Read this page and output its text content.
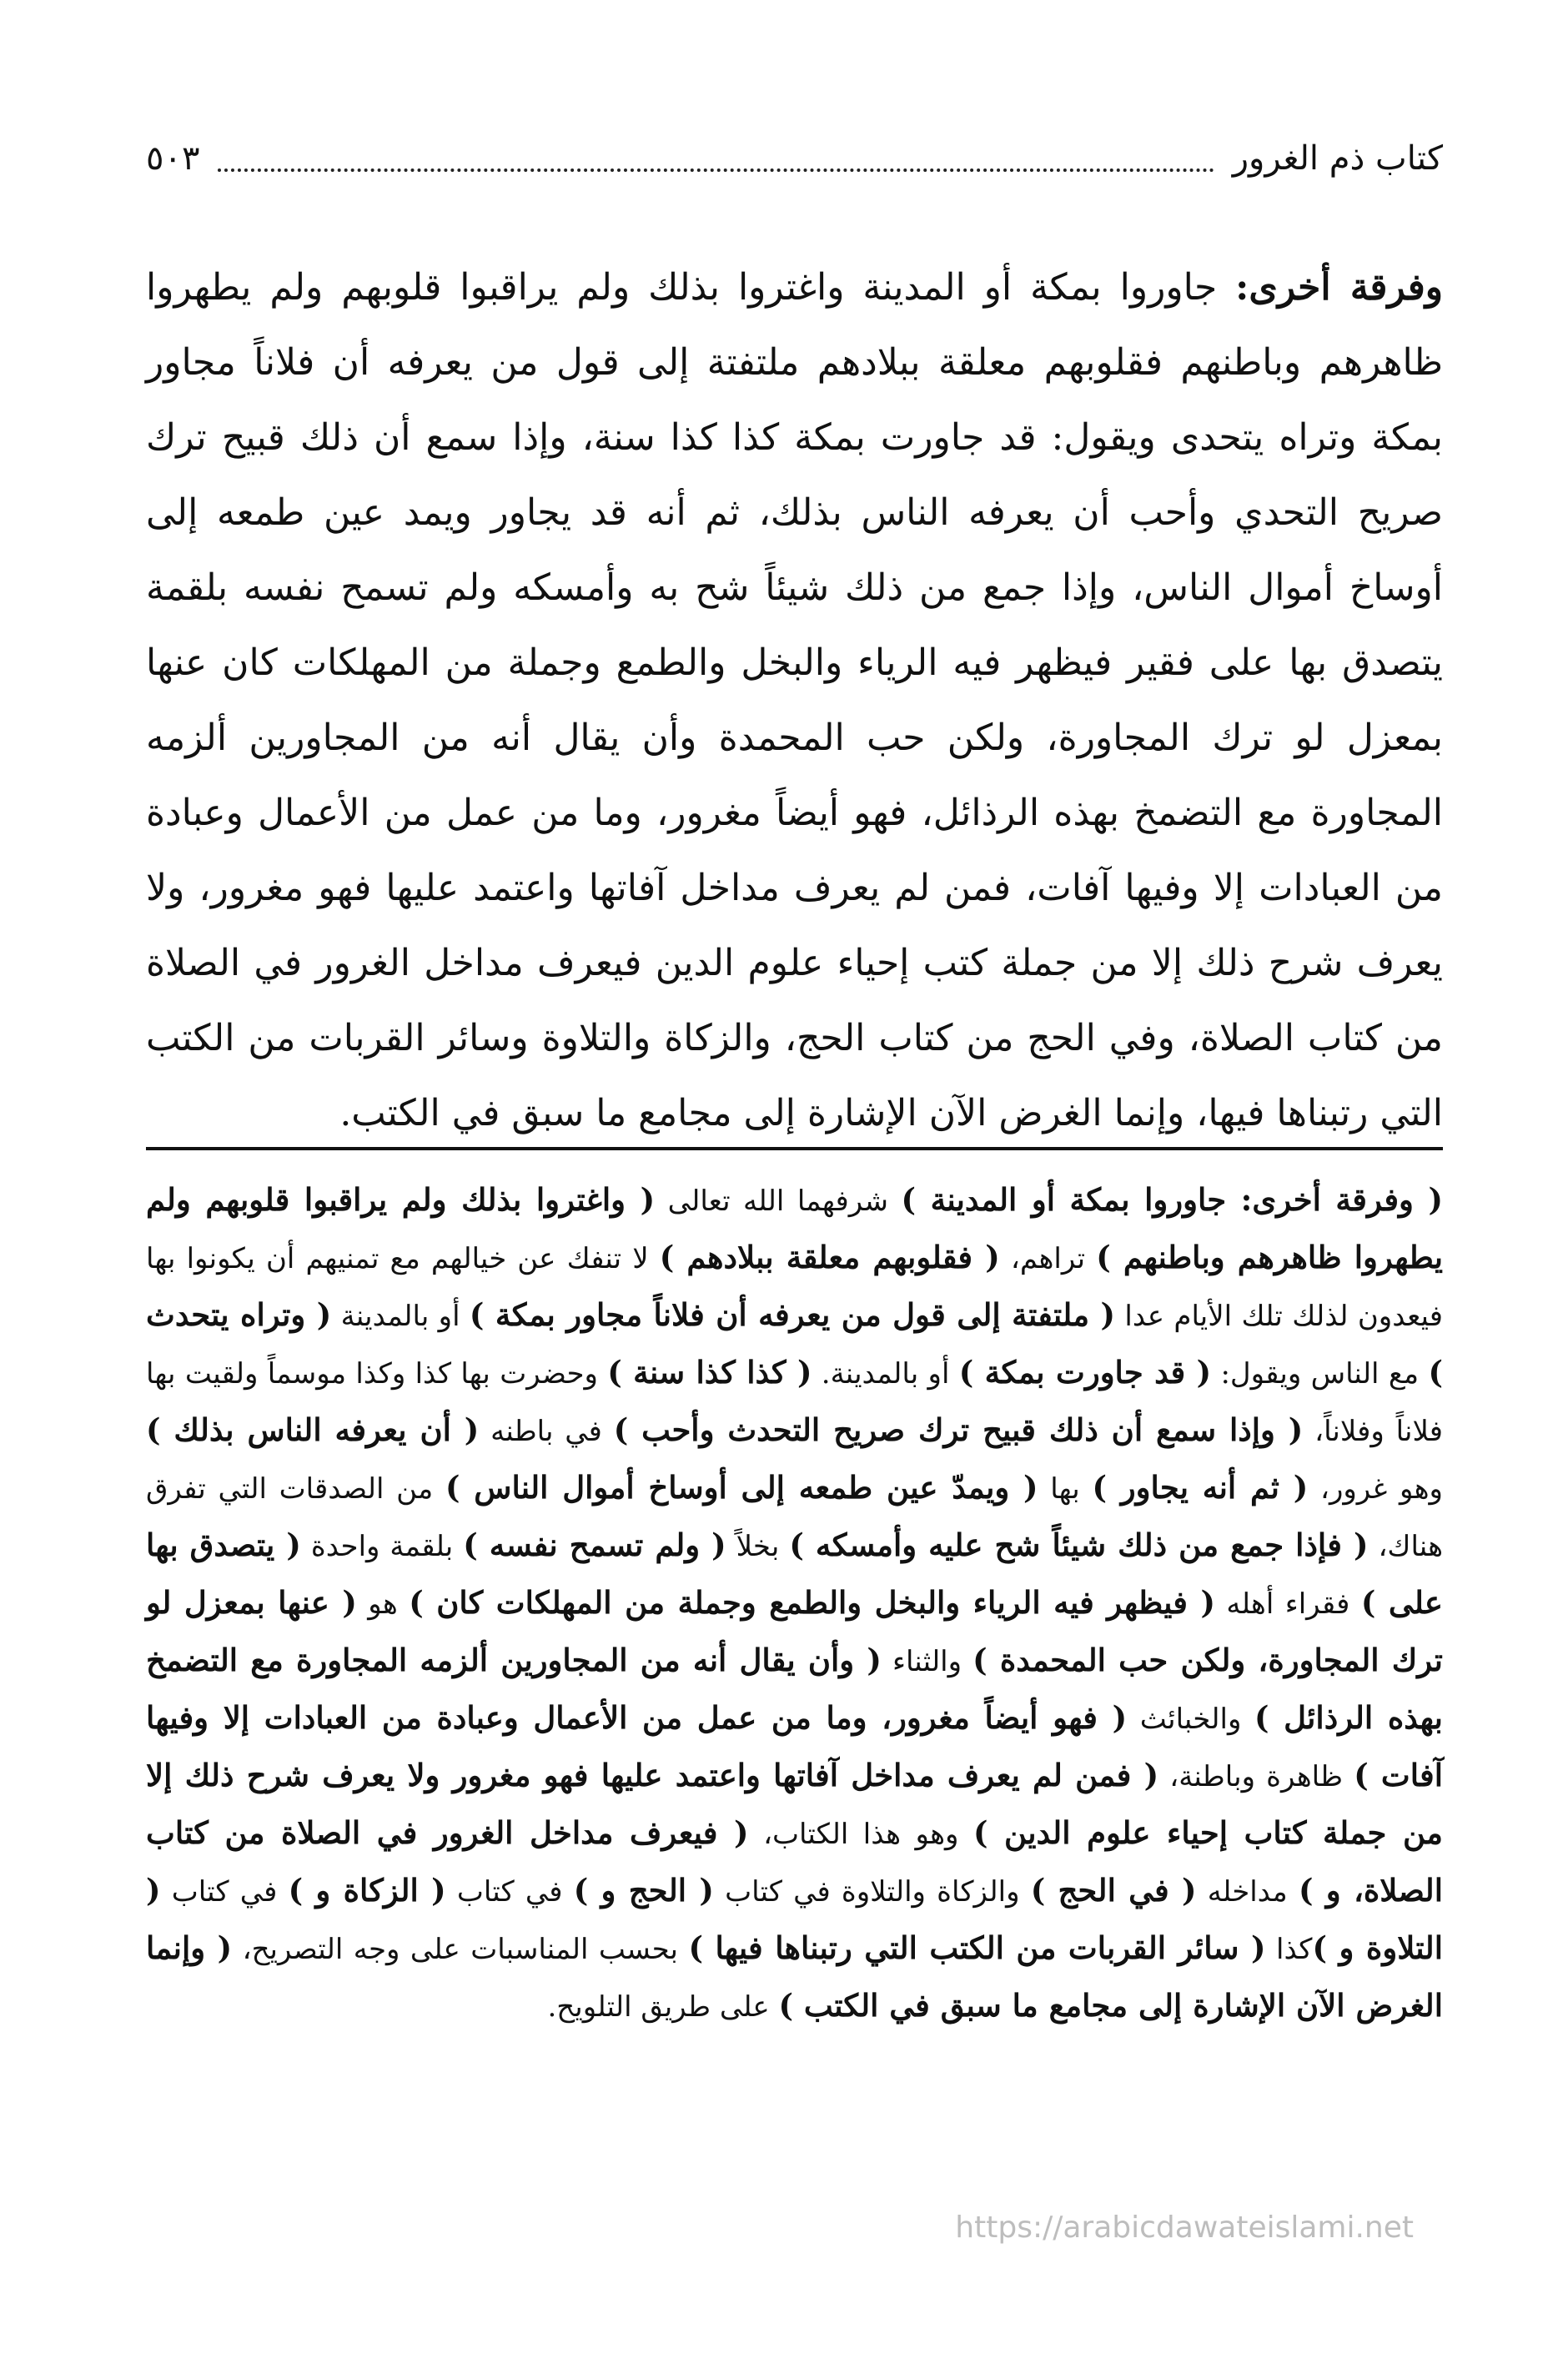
كتاب ذم الغرور
٥٠٣
وفرقة أخرى: جاوروا بمكة أو المدينة واغتروا بذلك ولم يراقبوا قلوبهم ولم يطهروا ظاهرهم وباطنهم فقلوبهم معلقة ببلادهم ملتفتة إلى قول من يعرفه أن فلاناً مجاور بمكة وتراه يتحدى ويقول: قد جاورت بمكة كذا كذا سنة، وإذا سمع أن ذلك قبيح ترك صريح التحدي وأحب أن يعرفه الناس بذلك، ثم أنه قد يجاور ويمد عين طمعه إلى أوساخ أموال الناس، وإذا جمع من ذلك شيئاً شح به وأمسكه ولم تسمح نفسه بلقمة يتصدق بها على فقير فيظهر فيه الرياء والبخل والطمع وجملة من المهلكات كان عنها بمعزل لو ترك المجاورة، ولكن حب المحمدة وأن يقال أنه من المجاورين ألزمه المجاورة مع التضمخ بهذه الرذائل، فهو أيضاً مغرور، وما من عمل من الأعمال وعبادة من العبادات إلا وفيها آفات، فمن لم يعرف مداخل آفاتها واعتمد عليها فهو مغرور، ولا يعرف شرح ذلك إلا من جملة كتب إحياء علوم الدين فيعرف مداخل الغرور في الصلاة من كتاب الصلاة، وفي الحج من كتاب الحج، والزكاة والتلاوة وسائر القربات من الكتب التي رتبناها فيها، وإنما الغرض الآن الإشارة إلى مجامع ما سبق في الكتب.
( وفرقة أخرى: جاوروا بمكة أو المدينة ) شرفهما الله تعالى ( واغتروا بذلك ولم يراقبوا قلوبهم ولم يطهروا ظاهرهم وباطنهم ) تراهم، ( فقلوبهم معلقة ببلادهم ) لا تنفك عن خيالهم مع تمنيهم أن يكونوا بها فيعدون لذلك تلك الأيام عدا ( ملتفتة إلى قول من يعرفه أن فلاناً مجاور بمكة ) أو بالمدينة ( وتراه يتحدث ) مع الناس ويقول: ( قد جاورت بمكة ) أو بالمدينة. ( كذا كذا سنة ) وحضرت بها كذا وكذا موسماً ولقيت بها فلاناً وفلاناً، ( وإذا سمع أن ذلك قبيح ترك صريح التحدث وأحب ) في باطنه ( أن يعرفه الناس بذلك ) وهو غرور، ( ثم أنه يجاور ) بها ( ويمدّ عين طمعه إلى أوساخ أموال الناس ) من الصدقات التي تفرق هناك، ( فإذا جمع من ذلك شيئاً شح عليه وأمسكه ) بخلاً ( ولم تسمح نفسه ) بلقمة واحدة ( يتصدق بها على ) فقراء أهله ( فيظهر فيه الرياء والبخل والطمع وجملة من المهلكات كان ) هو ( عنها بمعزل لو ترك المجاورة، ولكن حب المحمدة ) والثناء ( وأن يقال أنه من المجاورين ألزمه المجاورة مع التضمخ بهذه الرذائل ) والخبائث ( فهو أيضاً مغرور، وما من عمل من الأعمال وعبادة من العبادات إلا وفيها آفات ) ظاهرة وباطنة، ( فمن لم يعرف مداخل آفاتها واعتمد عليها فهو مغرور ولا يعرف شرح ذلك إلا من جملة كتاب إحياء علوم الدين ) وهو هذا الكتاب، ( فيعرف مداخل الغرور في الصلاة من كتاب الصلاة، و ) مداخله ( في الحج ) والزكاة والتلاوة في كتاب ( الحج و ) في كتاب ( الزكاة و ) في كتاب ( التلاوة و )كذا ( سائر القربات من الكتب التي رتبناها فيها ) بحسب المناسبات على وجه التصريح، ( وإنما الغرض الآن الإشارة إلى مجامع ما سبق في الكتب ) على طريق التلويح.
https://arabicdawateislami.net
